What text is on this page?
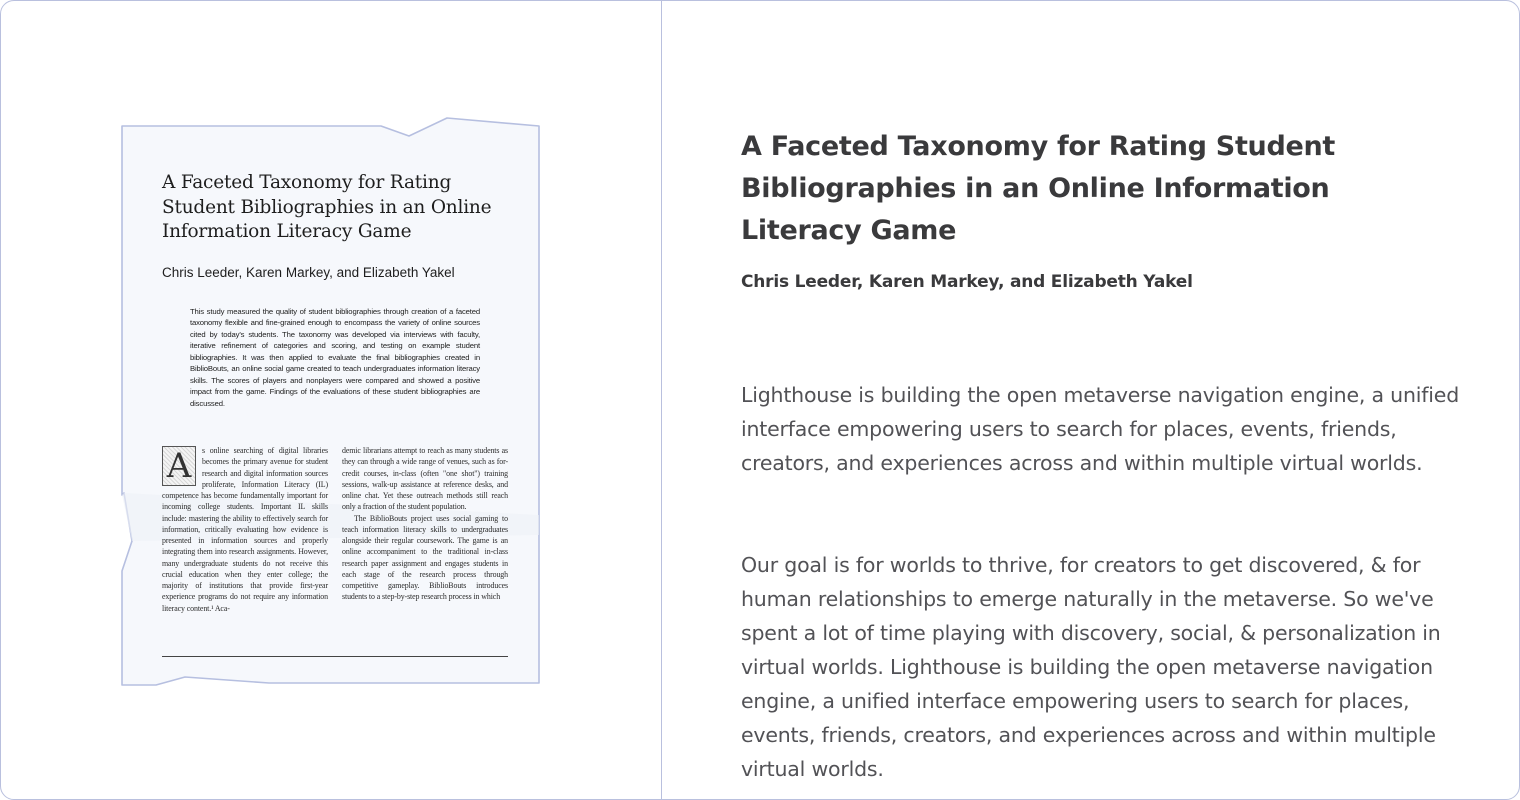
A Faceted Taxonomy for Rating Student Bibliographies in an Online Information Literacy Game
Chris Leeder, Karen Markey, and Elizabeth Yakel
This study measured the quality of student bibliographies through creation of a faceted taxonomy flexible and fine-grained enough to encompass the variety of online sources cited by today's students. The taxonomy was developed via interviews with faculty, iterative refinement of categories and scoring, and testing on example student bibliographies. It was then applied to evaluate the final bibliographies created in BiblioBouts, an online social game created to teach undergraduates information literacy skills. The scores of players and nonplayers were compared and showed a positive impact from the game. Findings of the evaluations of these student bibliographies are discussed.
A	s online searching of digital libraries becomes the primary avenue for student research and digital information sources proliferate, Information Literacy (IL) competence has become fundamentally important for incoming college students. Important IL skills include: mastering the ability to effectively search for information, critically evaluating how evidence is presented in information sources and properly integrating them into research assignments. However, many undergraduate students do not receive this crucial education when they enter college; the majority of institutions that provide first-year experience programs do not require any information literacy content.¹ Aca-
demic librarians attempt to reach as many students as they can through a wide range of venues, such as for-credit courses, in-class (often "one shot") training sessions, walk-up assistance at reference desks, and online chat. Yet these outreach methods still reach only a fraction of the student population.
The BiblioBouts project uses social gaming to teach information literacy skills to undergraduates alongside their regular coursework. The game is an online accompaniment to the traditional in-class research paper assignment and engages students in each stage of the research process through competitive gameplay. BiblioBouts introduces students to a step-by-step research process in which
A Faceted Taxonomy for Rating Student Bibliographies in an Online Information Literacy Game
Chris Leeder, Karen Markey, and Elizabeth Yakel
Lighthouse is building the open metaverse navigation engine, a unified interface empowering users to search for places, events, friends, creators, and experiences across and within multiple virtual worlds.
Our goal is for worlds to thrive, for creators to get discovered, & for human relationships to emerge naturally in the metaverse. So we've spent a lot of time playing with discovery, social, & personalization in virtual worlds. Lighthouse is building the open metaverse navigation engine, a unified interface empowering users to search for places, events, friends, creators, and experiences across and within multiple virtual worlds.
